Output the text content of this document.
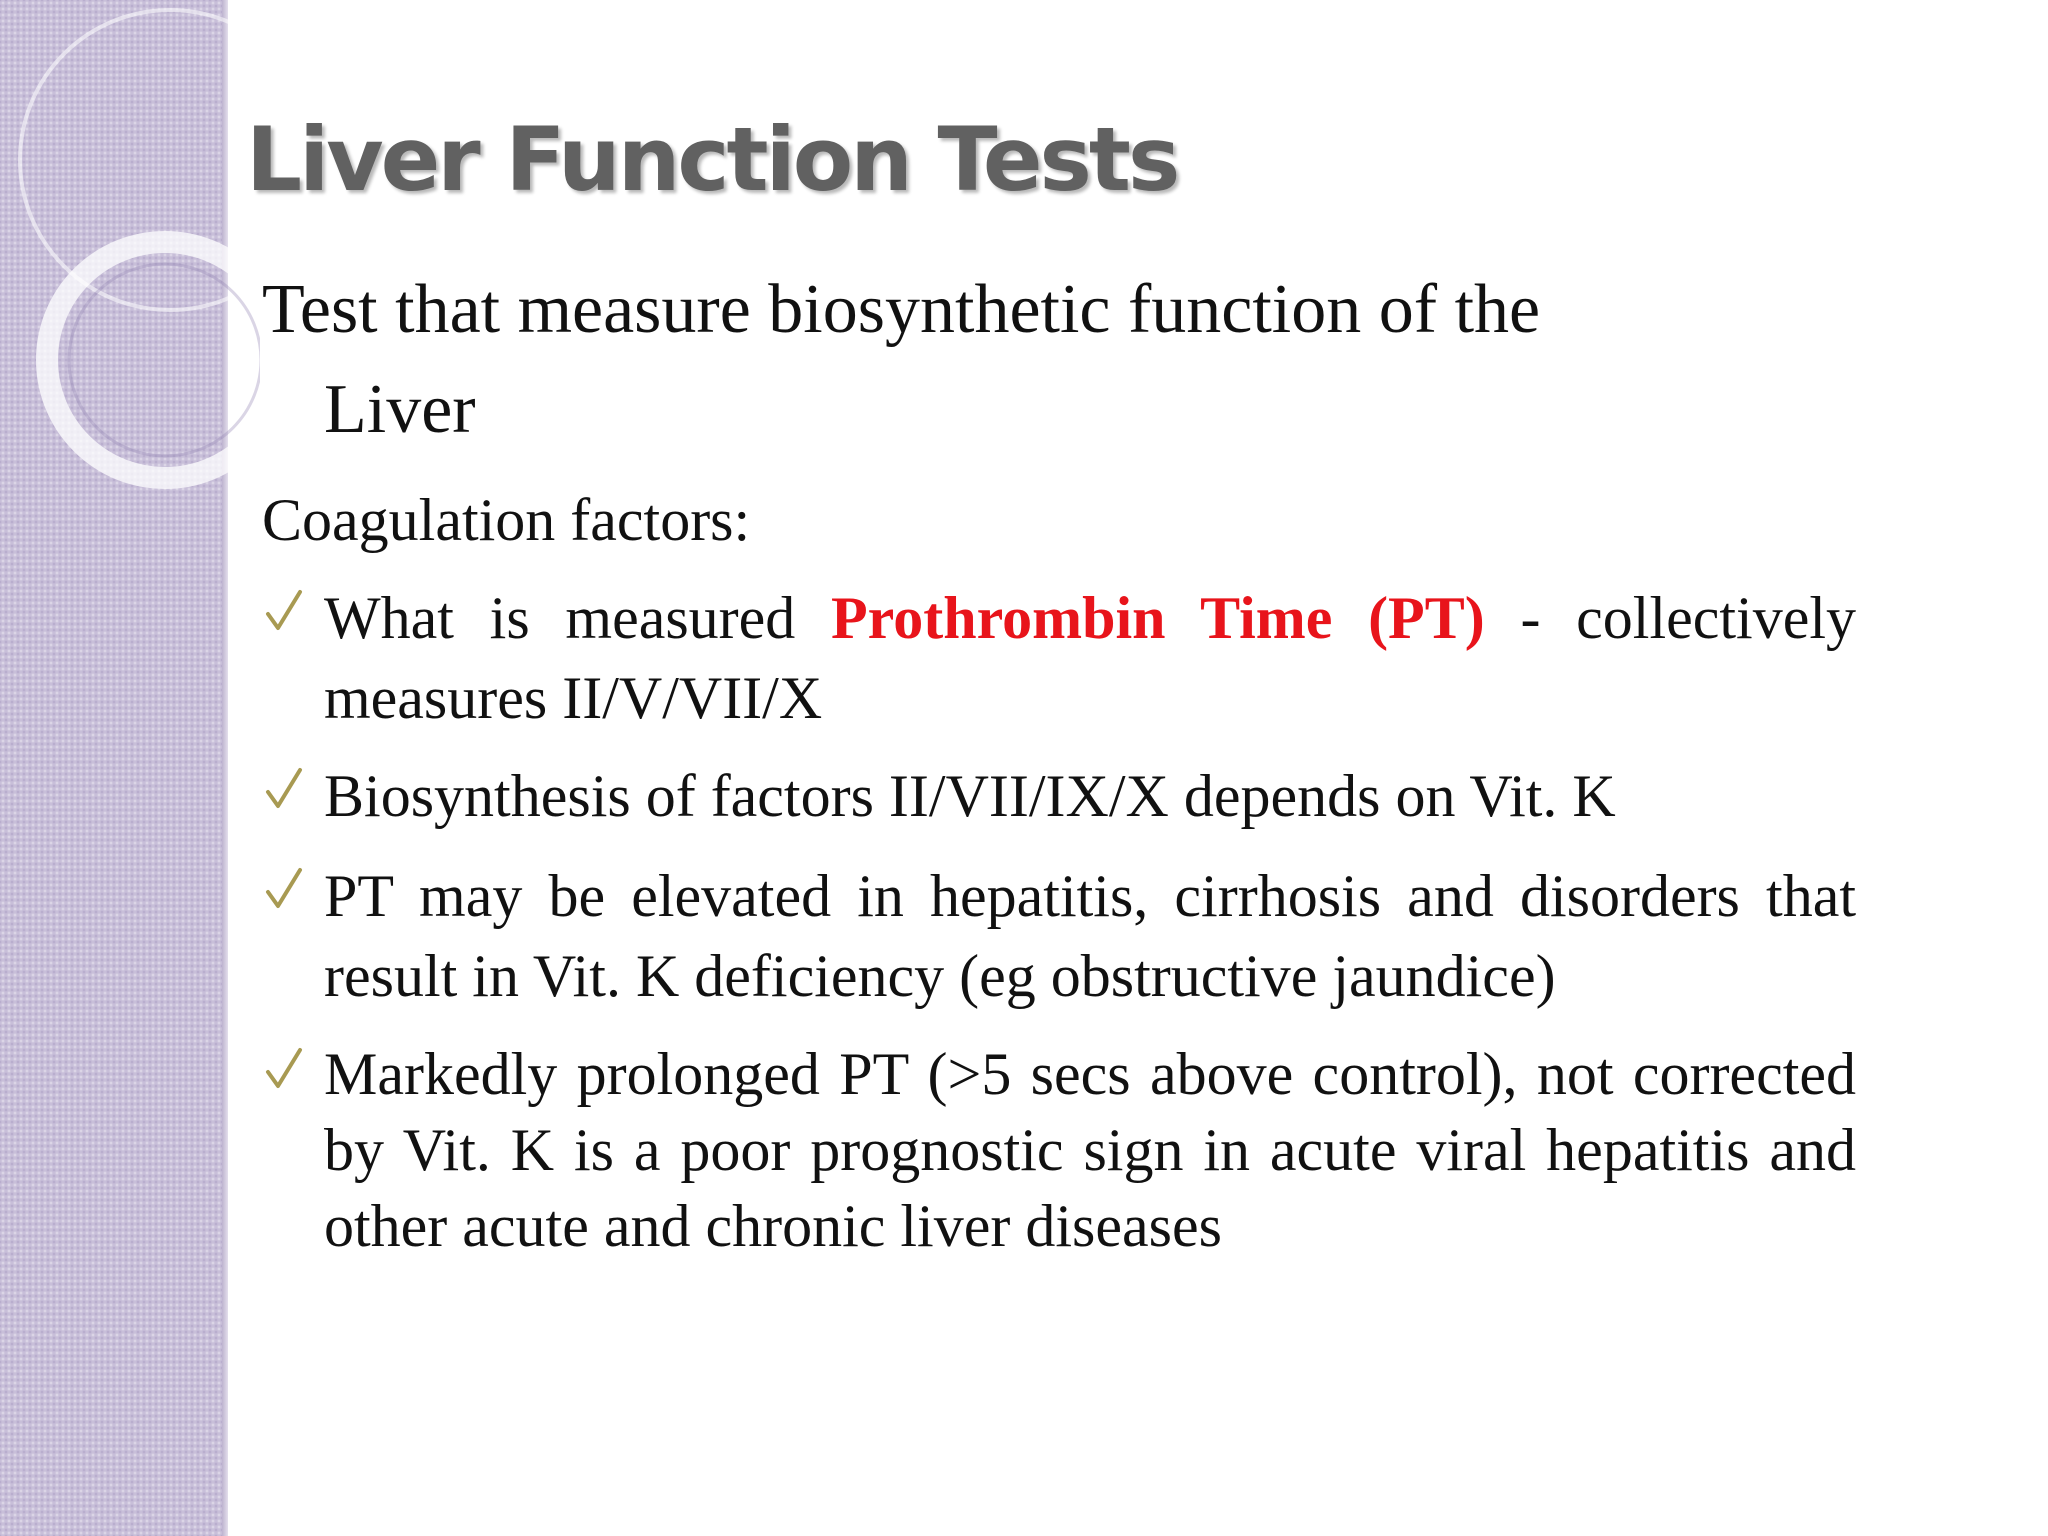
Liver Function Tests

Test that measure biosynthetic function of the
Liver

Coagulation factors:

What is measured Prothrombin Time (PT) - collectively measures II/V/VII/X
Biosynthesis of factors II/VII/IX/X depends on Vit. K
PT may be elevated in hepatitis, cirrhosis and disorders that result in Vit. K deficiency (eg obstructive jaundice)
Markedly prolonged PT (>5 secs above control), not corrected by Vit. K is a poor prognostic sign in acute viral hepatitis and other acute and chronic liver diseases
